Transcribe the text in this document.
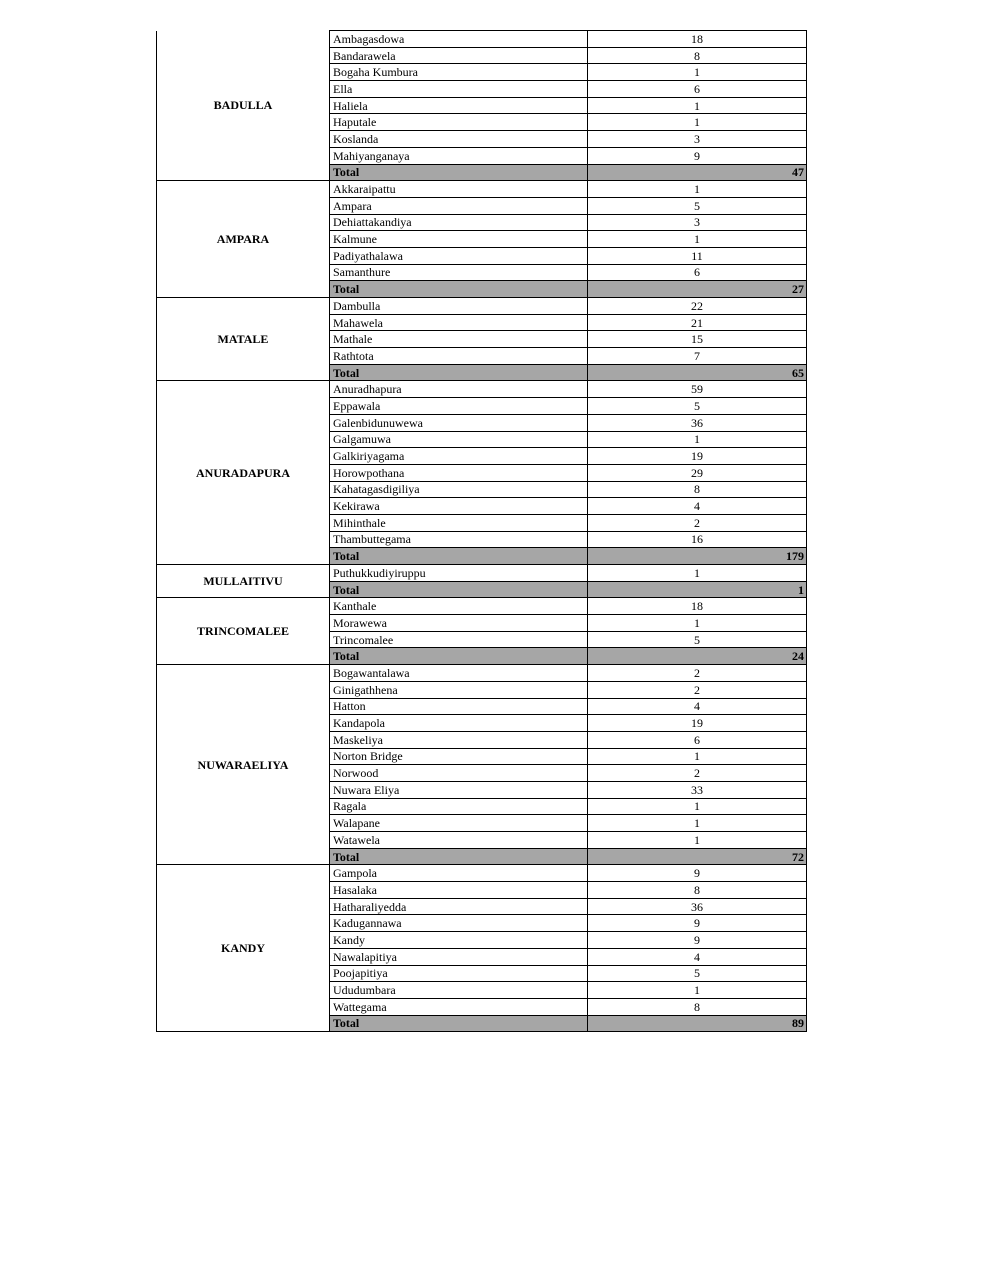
BADULLA	Ambagasdowa	18
	Bandarawela	8
	Bogaha Kumbura	1
	Ella	6
	Haliela	1
	Haputale	1
	Koslanda	3
	Mahiyanganaya	9
	Total	47
AMPARA	Akkaraipattu	1
	Ampara	5
	Dehiattakandiya	3
	Kalmune	1
	Padiyathalawa	11
	Samanthure	6
	Total	27
MATALE	Dambulla	22
	Mahawela	21
	Mathale	15
	Rathtota	7
	Total	65
ANURADAPURA	Anuradhapura	59
	Eppawala	5
	Galenbidunuwewa	36
	Galgamuwa	1
	Galkiriyagama	19
	Horowpothana	29
	Kahatagasdigiliya	8
	Kekirawa	4
	Mihinthale	2
	Thambuttegama	16
	Total	179
MULLAITIVU	Puthukkudiyiruppu	1
	Total	1
TRINCOMALEE	Kanthale	18
	Morawewa	1
	Trincomalee	5
	Total	24
NUWARAELIYA	Bogawantalawa	2
	Ginigathhena	2
	Hatton	4
	Kandapola	19
	Maskeliya	6
	Norton Bridge	1
	Norwood	2
	Nuwara Eliya	33
	Ragala	1
	Walapane	1
	Watawela	1
	Total	72
KANDY	Gampola	9
	Hasalaka	8
	Hatharaliyedda	36
	Kadugannawa	9
	Kandy	9
	Nawalapitiya	4
	Poojapitiya	5
	Ududumbara	1
	Wattegama	8
	Total	89
